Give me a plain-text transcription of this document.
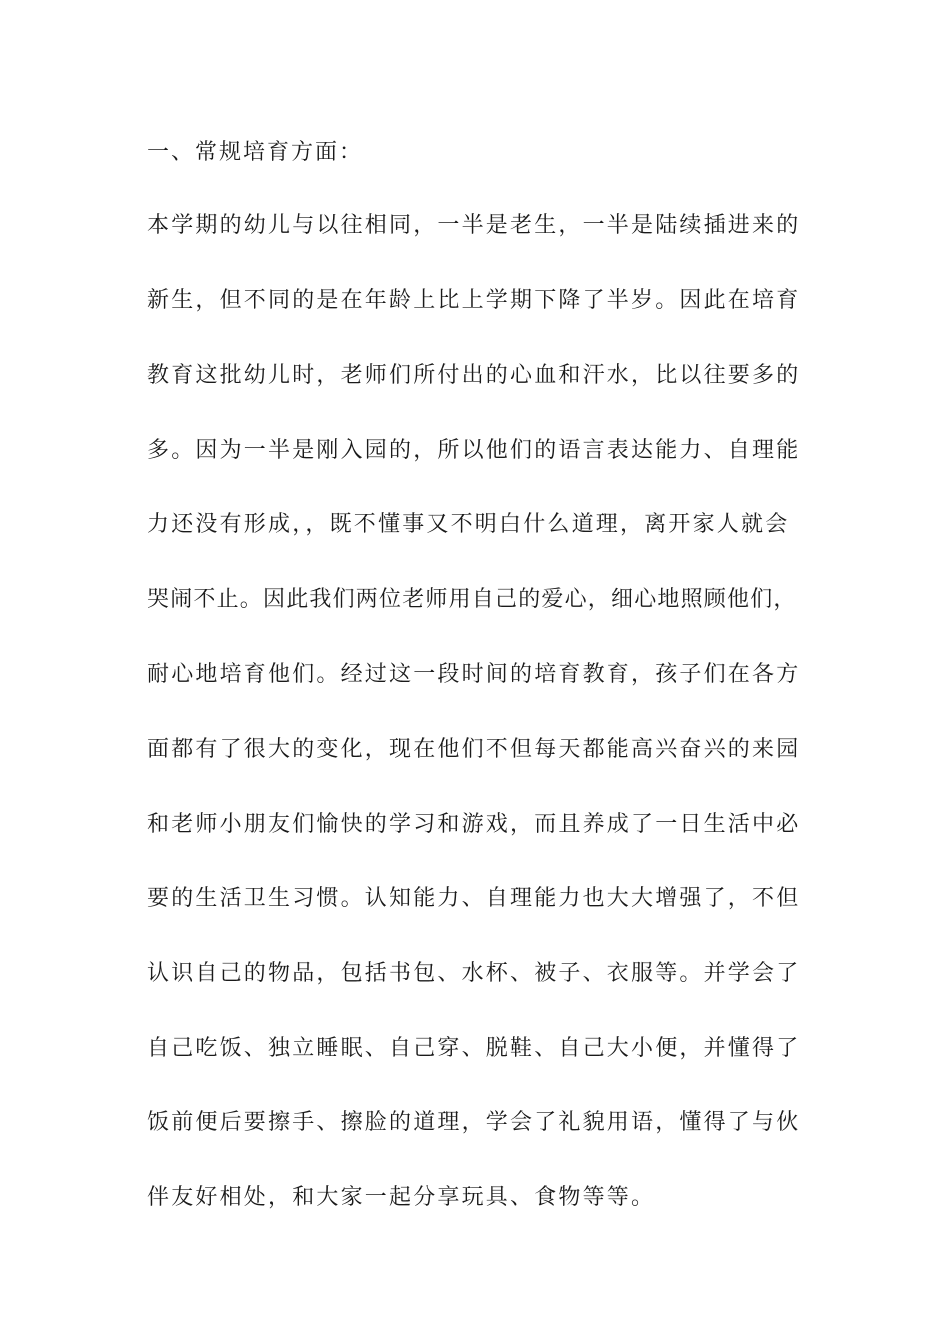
一、常规培育方面：

本学期的幼儿与以往相同，一半是老生，一半是陆续插进来的

新生，但不同的是在年龄上比上学期下降了半岁。因此在培育

教育这批幼儿时，老师们所付出的心血和汗水，比以往要多的

多。因为一半是刚入园的，所以他们的语言表达能力、自理能

力还没有形成，，既不懂事又不明白什么道理，离开家人就会

哭闹不止。因此我们两位老师用自己的爱心，细心地照顾他们，

耐心地培育他们。经过这一段时间的培育教育，孩子们在各方

面都有了很大的变化，现在他们不但每天都能高兴奋兴的来园

和老师小朋友们愉快的学习和游戏，而且养成了一日生活中必

要的生活卫生习惯。认知能力、自理能力也大大增强了，不但

认识自己的物品，包括书包、水杯、被子、衣服等。并学会了

自己吃饭、独立睡眠、自己穿、脱鞋、自己大小便，并懂得了

饭前便后要擦手、擦脸的道理，学会了礼貌用语，懂得了与伙

伴友好相处，和大家一起分享玩具、食物等等。
